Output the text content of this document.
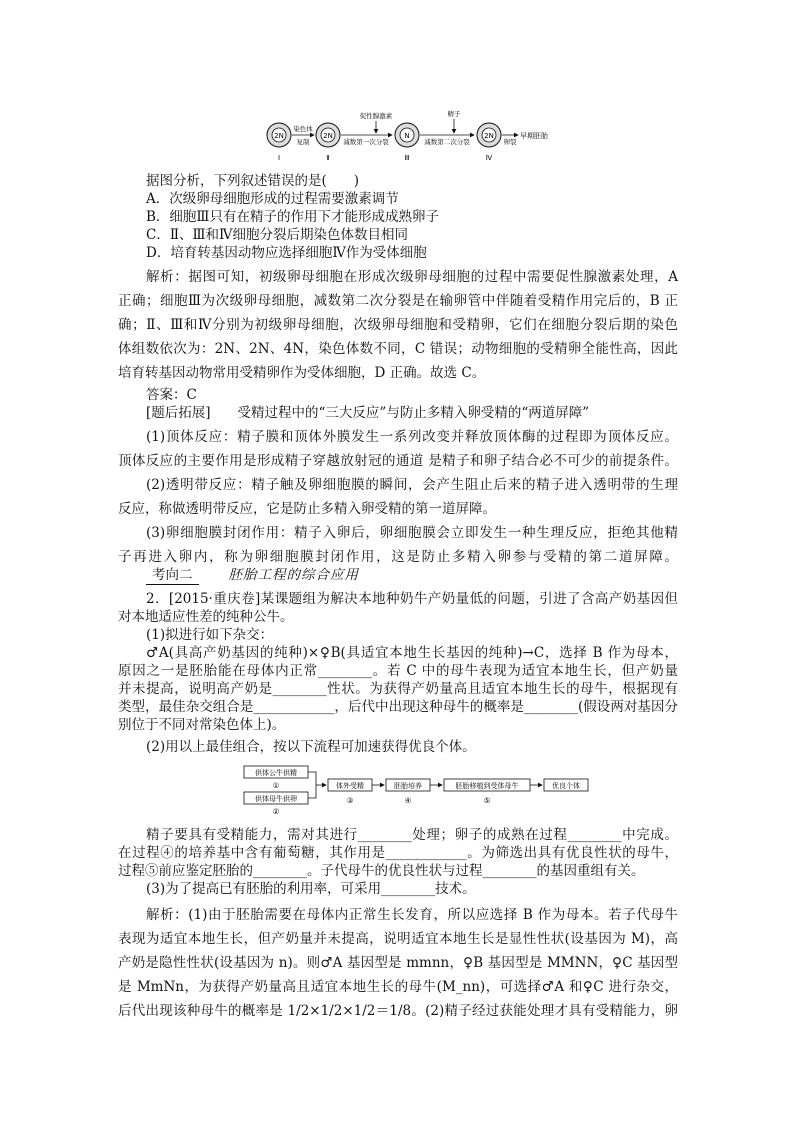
2N
Ⅰ
染色体
复制
2N
Ⅱ
促性腺激素
减数第一次分裂
N
Ⅲ
精子
减数第二次分裂
2N
Ⅳ
卵裂
早期胚胎
据图分析，下列叙述错误的是(　　)
A．次级卵母细胞形成的过程需要激素调节
B．细胞Ⅲ只有在精子的作用下才能形成成熟卵子
C．Ⅱ、Ⅲ和Ⅳ细胞分裂后期染色体数目相同
D．培育转基因动物应选择细胞Ⅳ作为受体细胞
解析：据图可知，初级卵母细胞在形成次级卵母细胞的过程中需要促性腺激素处理，A
正确；细胞Ⅲ为次级卵母细胞，减数第二次分裂是在输卵管中伴随着受精作用完后的，B 正
确；Ⅱ、Ⅲ和Ⅳ分别为初级卵母细胞，次级卵母细胞和受精卵，它们在细胞分裂后期的染色
体组数依次为：2N、2N、4N，染色体数不同，C 错误；动物细胞的受精卵全能性高，因此
培育转基因动物常用受精卵作为受体细胞，D 正确。故选 C。
答案：C
[题后拓展]　　受精过程中的“三大反应”与防止多精入卵受精的“两道屏障”
(1)顶体反应：精子膜和顶体外膜发生一系列改变并释放顶体酶的过程即为顶体反应。
顶体反应的主要作用是形成精子穿越放射冠的通道 是精子和卵子结合必不可少的前提条件。
(2)透明带反应：精子触及卵细胞膜的瞬间，会产生阻止后来的精子进入透明带的生理
反应，称做透明带反应，它是防止多精入卵受精的第一道屏障。
(3)卵细胞膜封闭作用：精子入卵后，卵细胞膜会立即发生一种生理反应，拒绝其他精
子再进入卵内，称为卵细胞膜封闭作用，这是防止多精入卵参与受精的第二道屏障。
考向二	胚胎工程的综合应用
2．[2015·重庆卷]某课题组为解决本地种奶牛产奶量低的问题，引进了含高产奶基因但
对本地适应性差的纯种公牛。
(1)拟进行如下杂交：
♂A(具高产奶基因的纯种)×♀B(具适宜本地生长基因的纯种)→C，选择 B 作为母本，
原因之一是胚胎能在母体内正常________。若 C 中的母牛表现为适宜本地生长，但产奶量
并未提高，说明高产奶是________性状。为获得产奶量高且适宜本地生长的母牛，根据现有
类型，最佳杂交组合是____________，后代中出现这种母牛的概率是________(假设两对基因分
别位于不同对常染色体上)。
(2)用以上最佳组合，按以下流程可加速获得优良个体。
供体公牛供精
①
供体母牛供卵
②
体外受精
③
胚胎培养
④
胚胎移植到受体母牛
⑤
优良个体
精子要具有受精能力，需对其进行________处理；卵子的成熟在过程________中完成。
在过程④的培养基中含有葡萄糖，其作用是____________。为筛选出具有优良性状的母牛，
过程⑤前应鉴定胚胎的________。子代母牛的优良性状与过程________的基因重组有关。
(3)为了提高已有胚胎的利用率，可采用________技术。
解析：(1)由于胚胎需要在母体内正常生长发育，所以应选择 B 作为母本。若子代母牛
表现为适宜本地生长，但产奶量并未提高，说明适宜本地生长是显性性状(设基因为 M)，高
产奶是隐性性状(设基因为 n)。则♂A 基因型是 mmnn，♀B 基因型是 MMNN，♀C 基因型
是 MmNn，为获得产奶量高且适宜本地生长的母牛(M_nn)，可选择♂A 和♀C 进行杂交，
后代出现该种母牛的概率是 1/2×1/2×1/2＝1/8。(2)精子经过获能处理才具有受精能力，卵
